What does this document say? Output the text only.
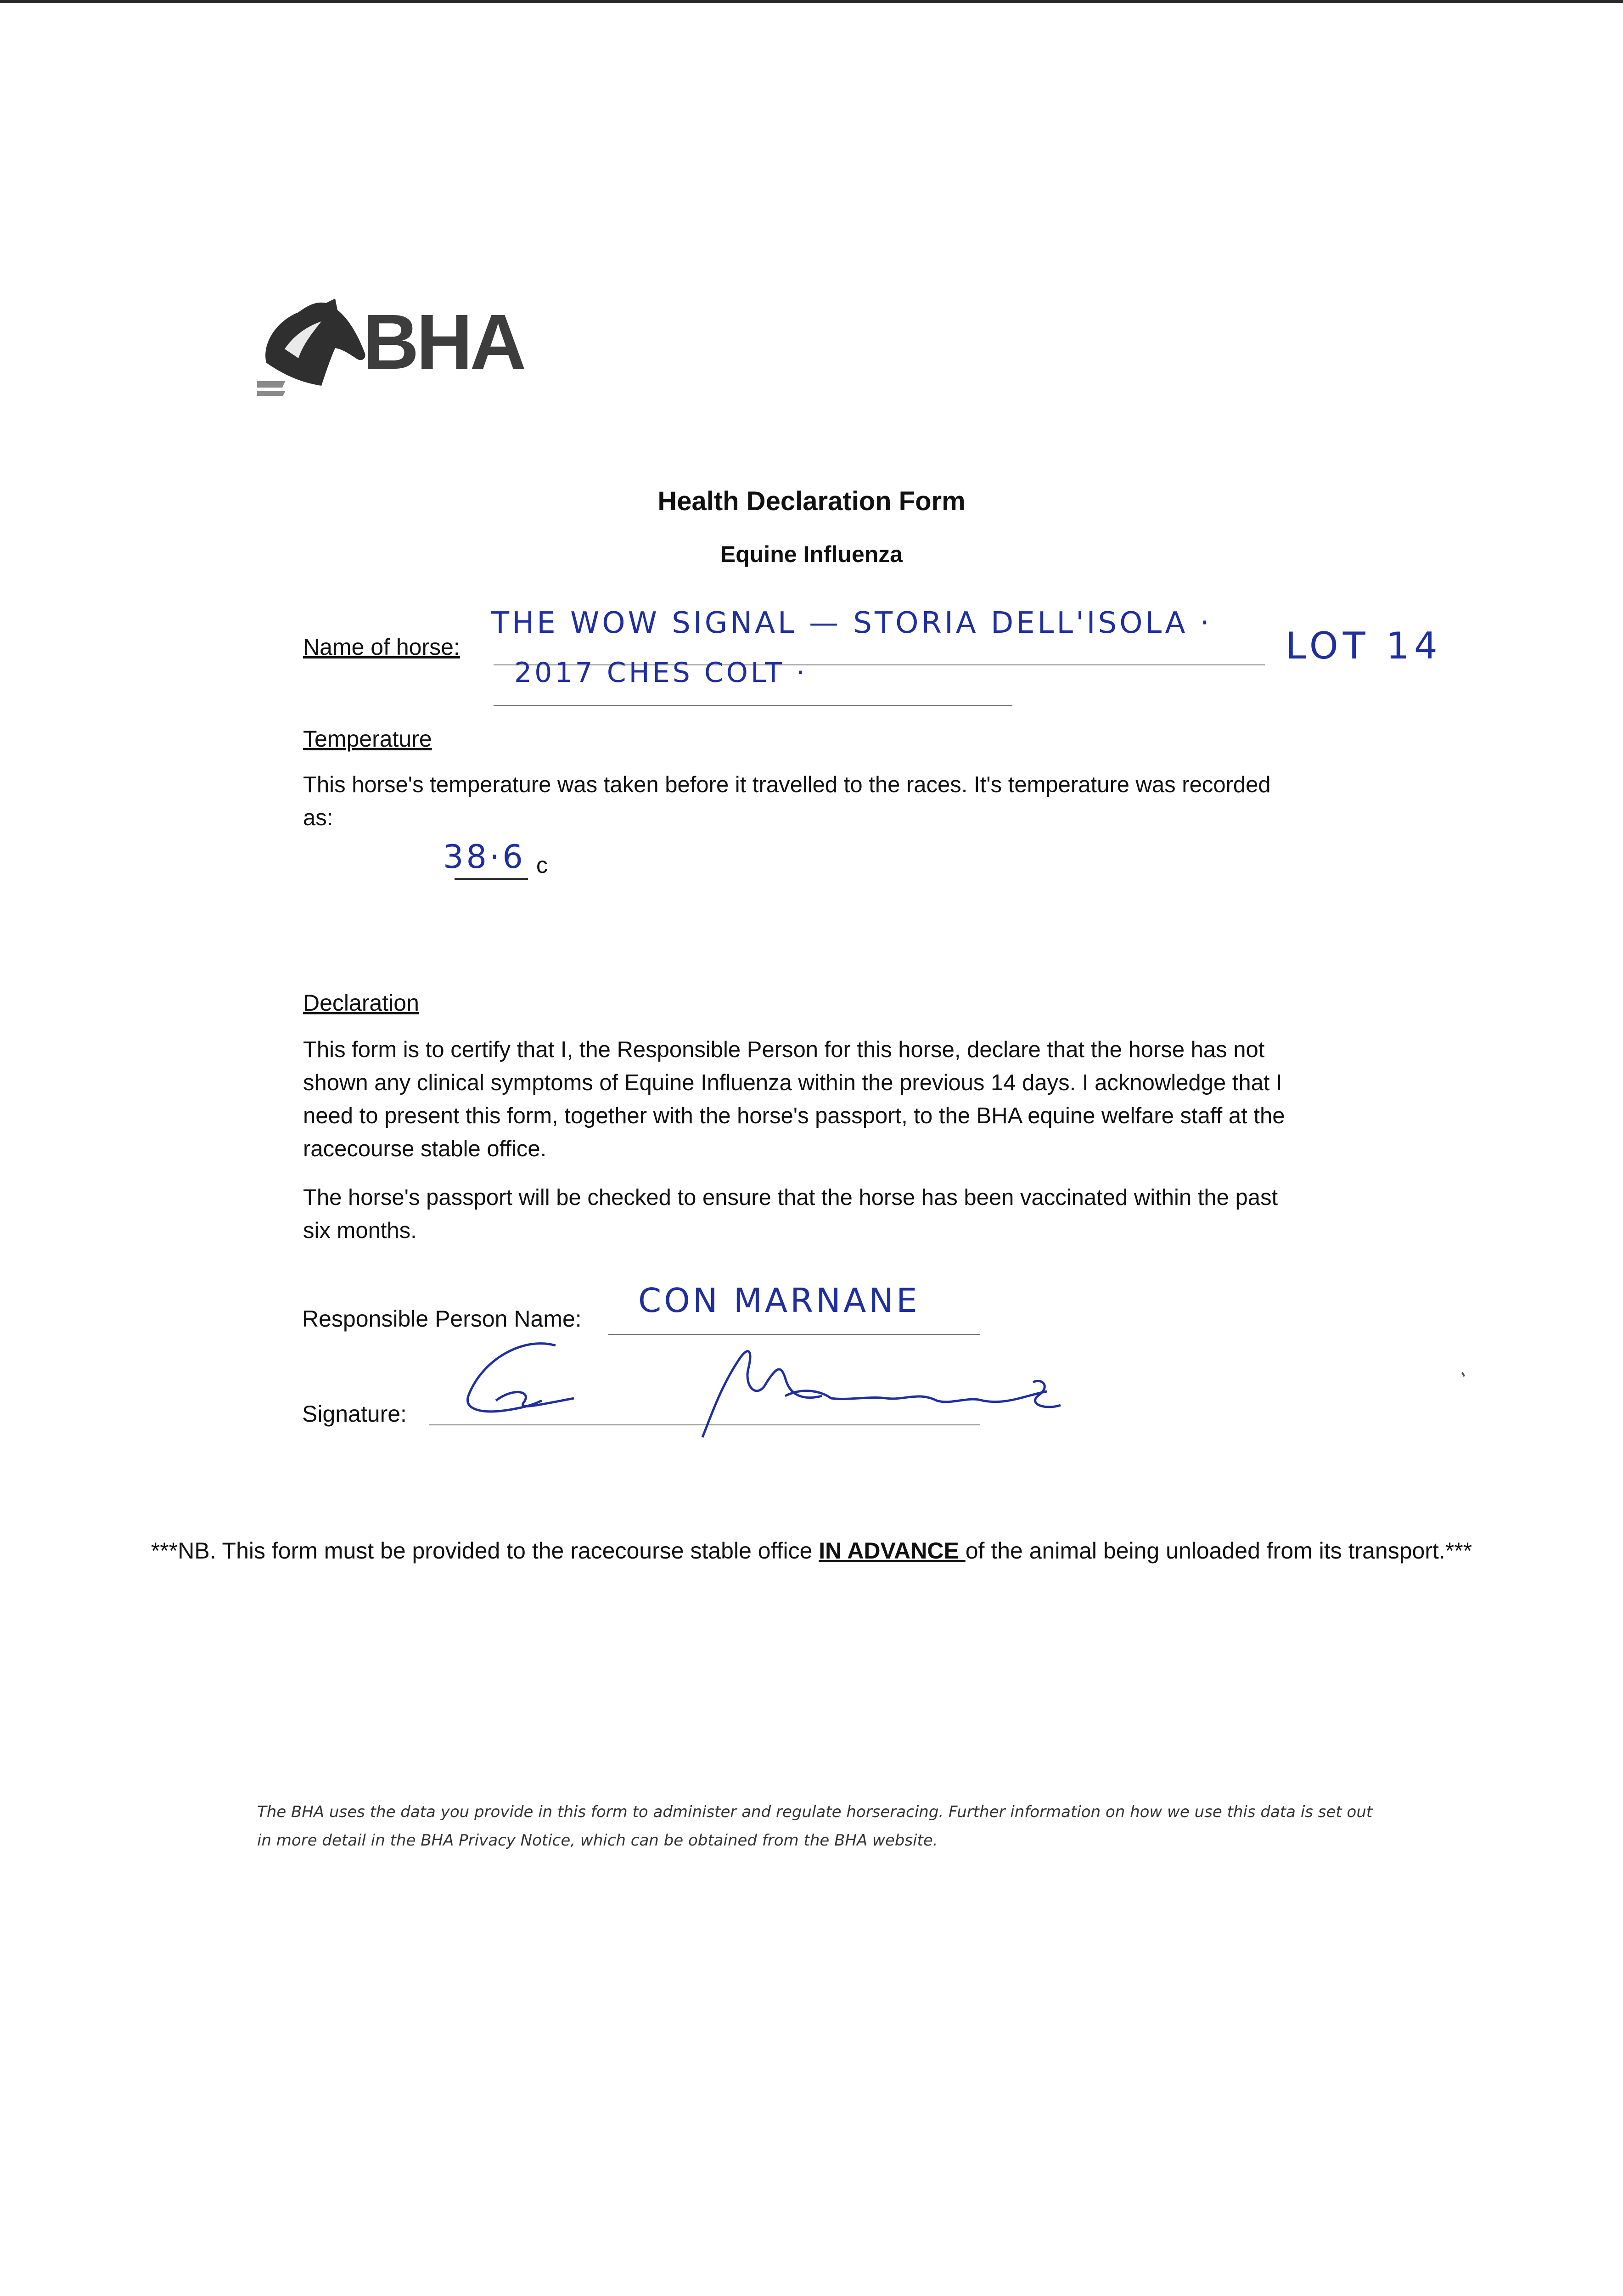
BHA
Health Declaration Form
Equine Influenza
Name of horse:
THE WOW SIGNAL — STORIA DELL'ISOLA ·
2017 CHES COLT ·
LOT 14
Temperature
This horse's temperature was taken before it travelled to the races. It's temperature was recorded as:
38·6 c
Declaration
This form is to certify that I, the Responsible Person for this horse, declare that the horse has not shown any clinical symptoms of Equine Influenza within the previous 14 days. I acknowledge that I need to present this form, together with the horse's passport, to the BHA equine welfare staff at the racecourse stable office.
The horse's passport will be checked to ensure that the horse has been vaccinated within the past six months.
Responsible Person Name: CON MARNANE
Signature:
***NB. This form must be provided to the racecourse stable office IN ADVANCE of the animal being unloaded from its transport.***
The BHA uses the data you provide in this form to administer and regulate horseracing. Further information on how we use this data is set out in more detail in the BHA Privacy Notice, which can be obtained from the BHA website.
